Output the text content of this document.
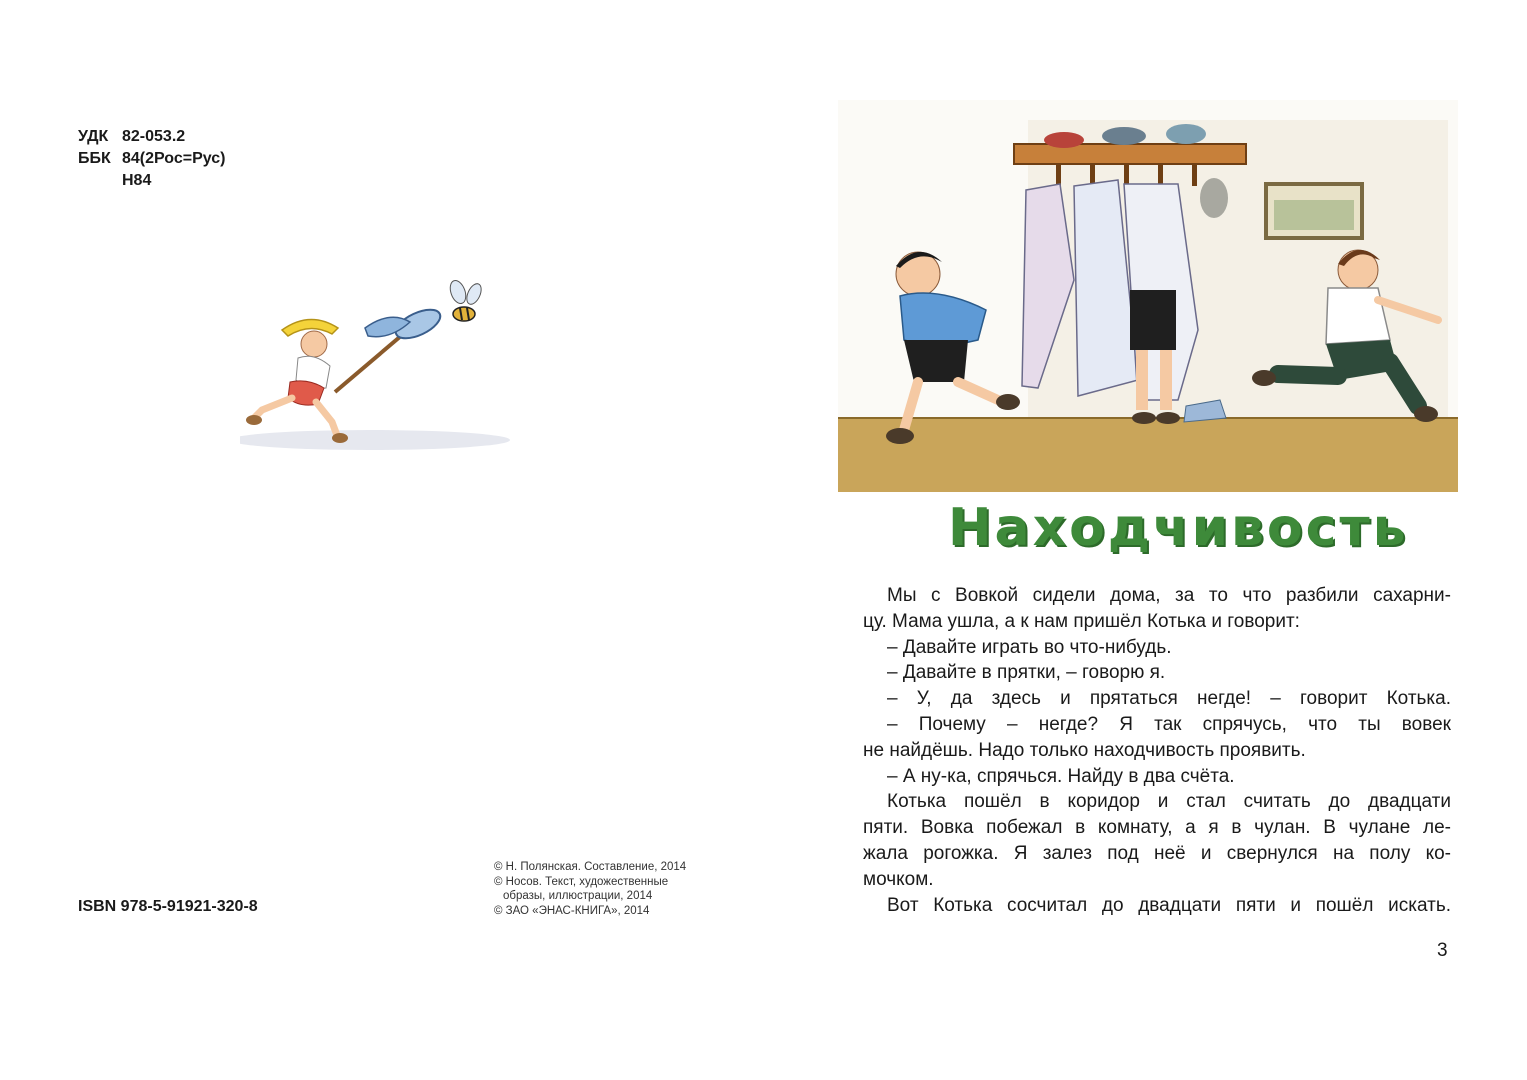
УДК 82-053.2
ББК 84(2Рос=Рус)
Н84
© Н. Полянская. Составление, 2014
© Носов. Текст, художественные
образы, иллюстрации, 2014
© ЗАО «ЭНАС-КНИГА», 2014
ISBN 978-5-91921-320-8
Находчивость

Мы с Вовкой сидели дома, за то что разбили сахарни-

цу. Мама ушла, а к нам пришёл Котька и говорит:

– Давайте играть во что-нибудь.

– Давайте в прятки, – говорю я.

– У, да здесь и прятаться негде! – говорит Котька.

– Почему – негде? Я так спрячусь, что ты вовек

не найдёшь. Надо только находчивость проявить.

– А ну-ка, спрячься. Найду в два счёта.

Котька пошёл в коридор и стал считать до двадцати

пяти. Вовка побежал в комнату, а я в чулан. В чулане ле-

жала рогожка. Я залез под неё и свернулся на полу ко-

мочком.

Вот Котька сосчитал до двадцати пяти и пошёл искать.

3
